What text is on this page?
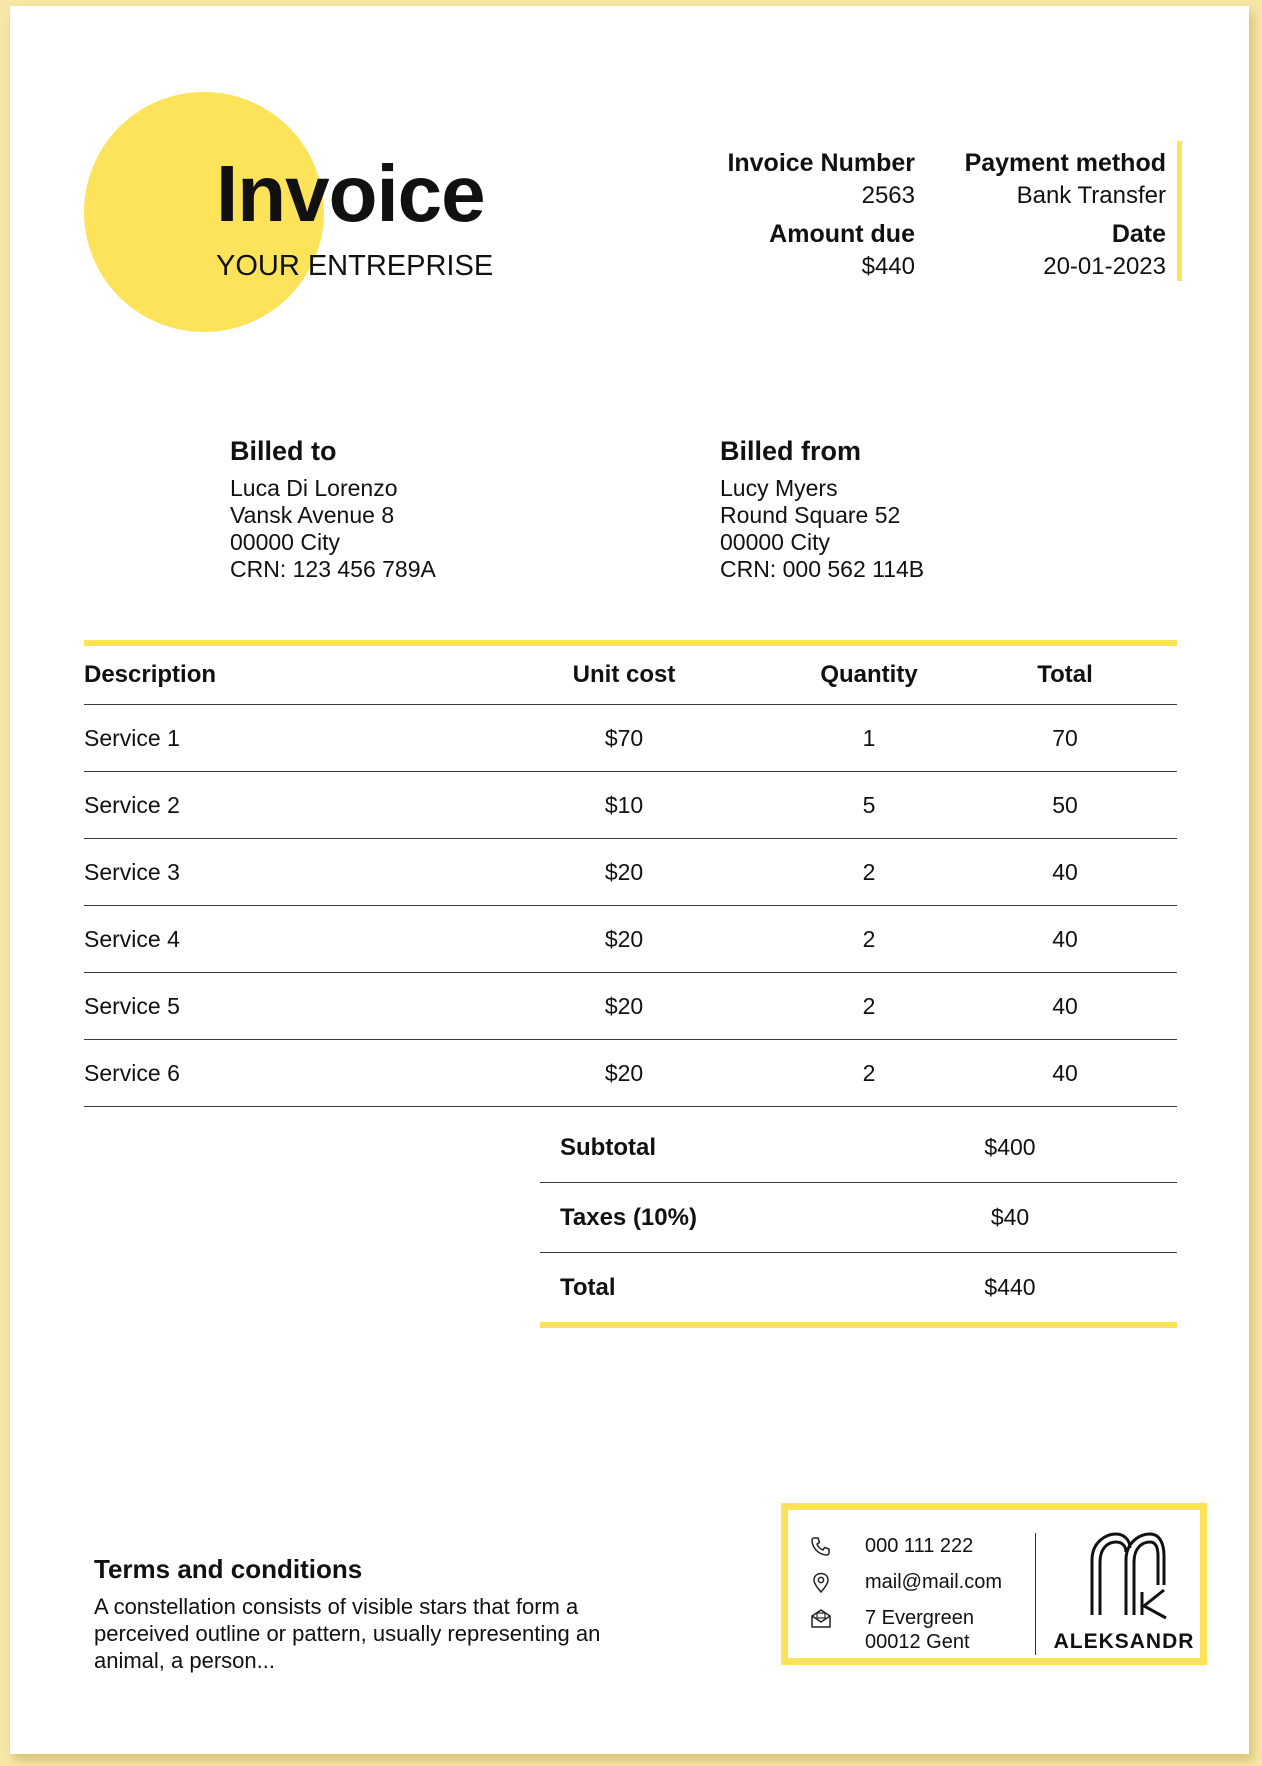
Invoice
YOUR ENTREPRISE
Invoice Number
2563
Payment method
Bank Transfer
Amount due
$440
Date
20-01-2023
Billed to
Luca Di Lorenzo
Vansk Avenue 8
00000 City
CRN: 123 456 789A
Billed from
Lucy Myers
Round Square 52
00000 City
CRN: 000 562 114B
Description	Unit cost	Quantity	Total
Service 1	$70	1	70
Service 2	$10	5	50
Service 3	$20	2	40
Service 4	$20	2	40
Service 5	$20	2	40
Service 6	$20	2	40
Subtotal	$400
Taxes (10%)	$40
Total	$440
Terms and conditions
A constellation consists of visible stars that form a perceived outline or pattern, usually representing an animal, a person...
000 111 222
mail@mail.com
7 Evergreen
00012 Gent	ALEKSANDR
